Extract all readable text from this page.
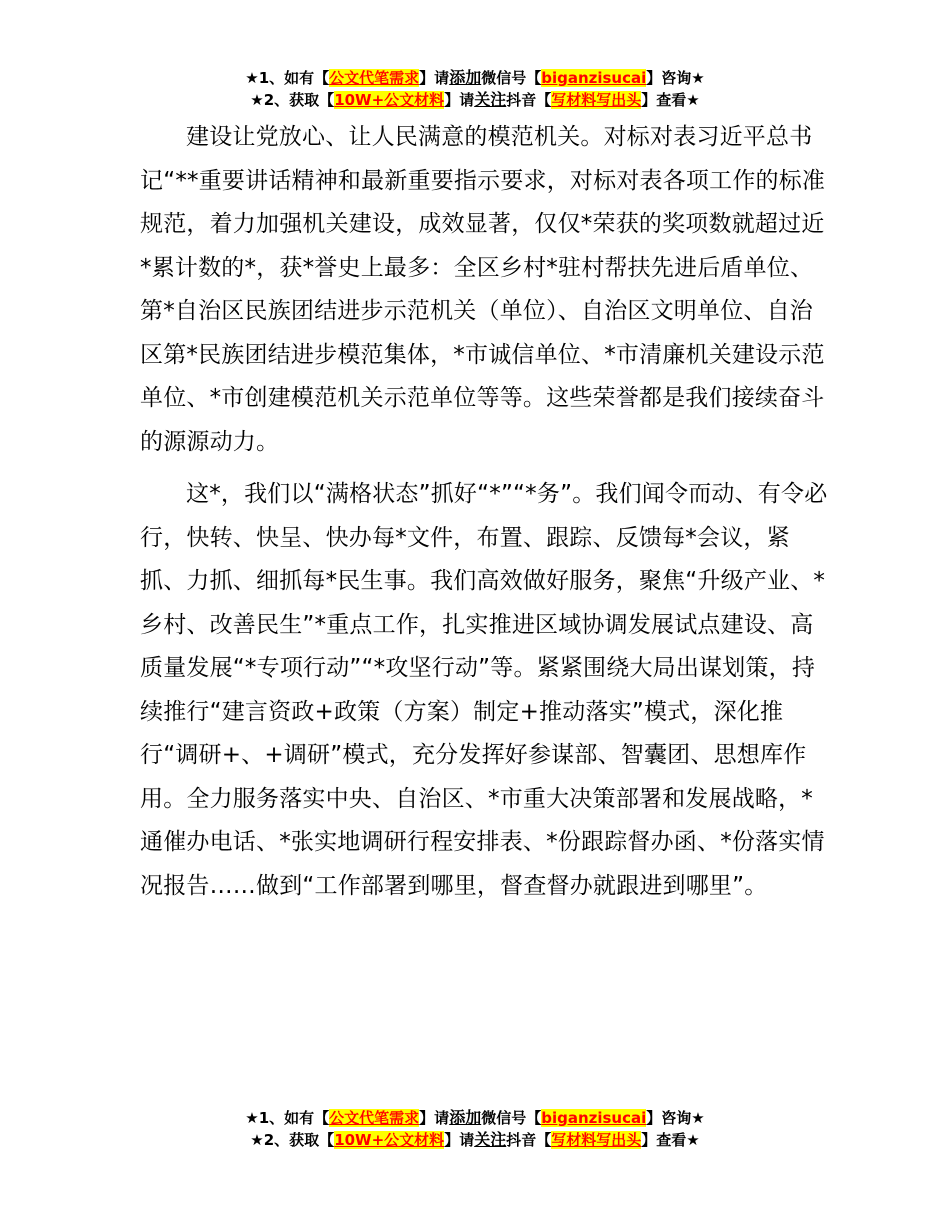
★1、如有【公文代笔需求】请添加微信号【biganzisucai】咨询★
★2、获取【10W+公文材料】请关注抖音【写材料写出头】查看★

建设让党放心、让人民满意的模范机关。对标对表习近平总书记“**重要讲话精神和最新重要指示要求，对标对表各项工作的标准规范，着力加强机关建设，成效显著，仅仅*荣获的奖项数就超过近*累计数的*，获*誉史上最多：全区乡村*驻村帮扶先进后盾单位、第*自治区民族团结进步示范机关（单位）、自治区文明单位、自治区第*民族团结进步模范集体，*市诚信单位、*市清廉机关建设示范单位、*市创建模范机关示范单位等等。这些荣誉都是我们接续奋斗的源源动力。

这*，我们以“满格状态”抓好“*”“*务”。我们闻令而动、有令必行，快转、快呈、快办每*文件，布置、跟踪、反馈每*会议，紧抓、力抓、细抓每*民生事。我们高效做好服务，聚焦“升级产业、*乡村、改善民生”*重点工作，扎实推进区域协调发展试点建设、高质量发展“*专项行动”“*攻坚行动”等。紧紧围绕大局出谋划策，持续推行“建言资政+政策（方案）制定+推动落实”模式，深化推行“调研+、+调研”模式，充分发挥好参谋部、智囊团、思想库作用。全力服务落实中央、自治区、*市重大决策部署和发展战略，*通催办电话、*张实地调研行程安排表、*份跟踪督办函、*份落实情况报告……做到“工作部署到哪里，督查督办就跟进到哪里”。

★1、如有【公文代笔需求】请添加微信号【biganzisucai】咨询★
★2、获取【10W+公文材料】请关注抖音【写材料写出头】查看★
